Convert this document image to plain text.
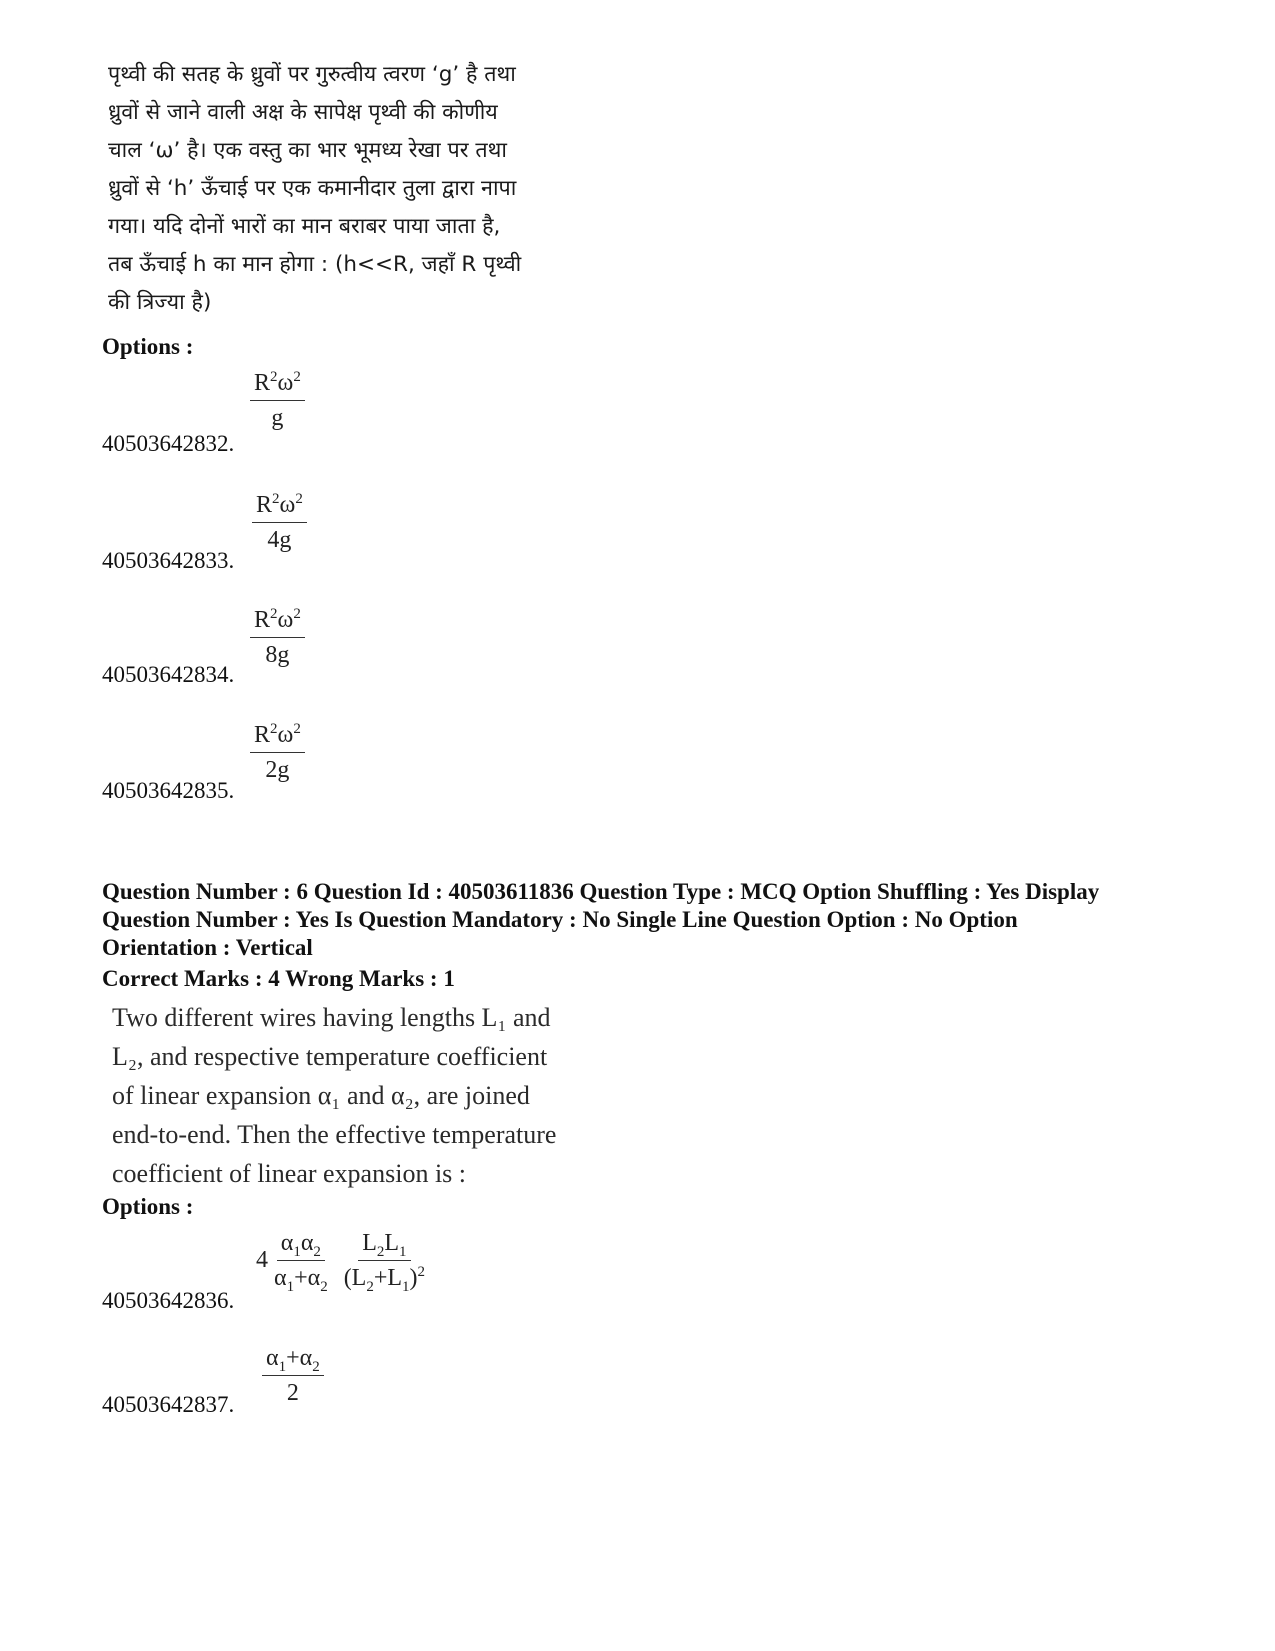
पृथ्वी की सतह के ध्रुवों पर गुरुत्वीय त्वरण ‘g’ है तथा
ध्रुवों से जाने वाली अक्ष के सापेक्ष पृथ्वी की कोणीय
चाल ‘ω’ है। एक वस्तु का भार भूमध्य रेखा पर तथा
ध्रुवों से ‘h’ ऊँचाई पर एक कमानीदार तुला द्वारा नापा
गया। यदि दोनों भारों का मान बराबर पाया जाता है,
तब ऊँचाई h का मान होगा : (h<<R, जहाँ R पृथ्वी
की त्रिज्या है)
Options :
40503642832.
$\frac{R^2\omega^2}{g}$
40503642833.
$\frac{R^2\omega^2}{4g}$
40503642834.
$\frac{R^2\omega^2}{8g}$
40503642835.
$\frac{R^2\omega^2}{2g}$
Question Number : 6 Question Id : 40503611836 Question Type : MCQ Option Shuffling : Yes Display
Question Number : Yes Is Question Mandatory : No Single Line Question Option : No Option
Orientation : Vertical
Correct Marks : 4 Wrong Marks : 1
Two different wires having lengths L₁ and
L₂, and respective temperature coefficient
of linear expansion α₁ and α₂, are joined
end-to-end. Then the effective temperature
coefficient of linear expansion is :
Options :
40503642836.
$4 \frac{\alpha_1\alpha_2}{\alpha_1+\alpha_2} \frac{L_2L_1}{(L_2+L_1)^2}$
40503642837. $\frac{\alpha_1+\alpha_2}{2}$
